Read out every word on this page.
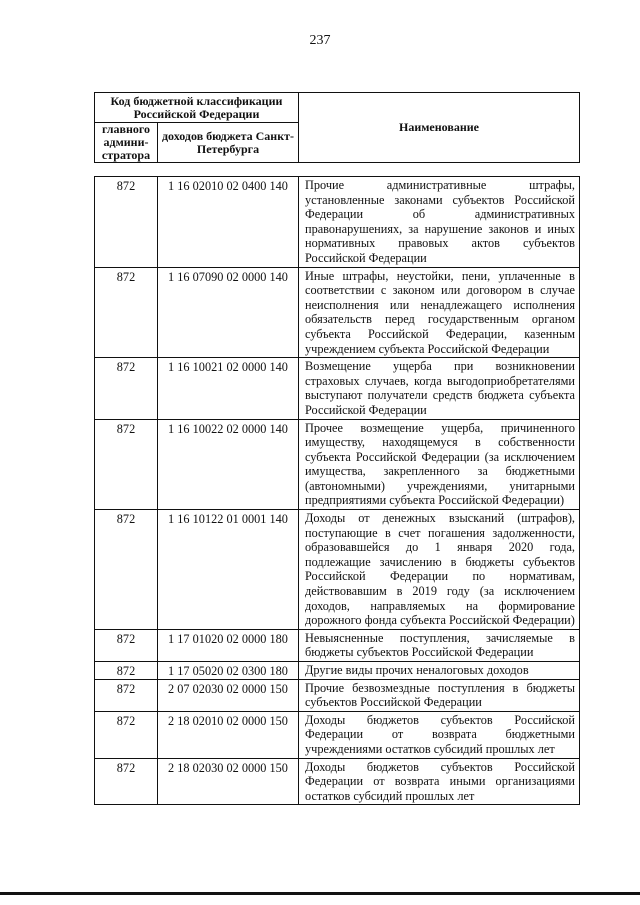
237
Код бюджетной классификации Российской Федерации		Наименование
главного админи-стратора	доходов бюджета Санкт-Петербурга	
872	1 16 02010 02 0400 140	Прочие административные штрафы, установленные законами субъектов Российской Федерации об административных правонарушениях, за нарушение законов и иных нормативных правовых актов субъектов Российской Федерации
872	1 16 07090 02 0000 140	Иные штрафы, неустойки, пени, уплаченные в соответствии с законом или договором в случае неисполнения или ненадлежащего исполнения обязательств перед государственным органом субъекта Российской Федерации, казенным учреждением субъекта Российской Федерации
872	1 16 10021 02 0000 140	Возмещение ущерба при возникновении страховых случаев, когда выгодоприобретателями выступают получатели средств бюджета субъекта Российской Федерации
872	1 16 10022 02 0000 140	Прочее возмещение ущерба, причиненного имуществу, находящемуся в собственности субъекта Российской Федерации (за исключением имущества, закрепленного за бюджетными (автономными) учреждениями, унитарными предприятиями субъекта Российской Федерации)
872	1 16 10122 01 0001 140	Доходы от денежных взысканий (штрафов), поступающие в счет погашения задолженности, образовавшейся до 1 января 2020 года, подлежащие зачислению в бюджеты субъектов Российской Федерации по нормативам, действовавшим в 2019 году (за исключением доходов, направляемых на формирование дорожного фонда субъекта Российской Федерации)
872	1 17 01020 02 0000 180	Невыясненные поступления, зачисляемые в бюджеты субъектов Российской Федерации
872	1 17 05020 02 0300 180	Другие виды прочих неналоговых доходов
872	2 07 02030 02 0000 150	Прочие безвозмездные поступления в бюджеты субъектов Российской Федерации
872	2 18 02010 02 0000 150	Доходы бюджетов субъектов Российской Федерации от возврата бюджетными учреждениями остатков субсидий прошлых лет
872	2 18 02030 02 0000 150	Доходы бюджетов субъектов Российской Федерации от возврата иными организациями остатков субсидий прошлых лет
